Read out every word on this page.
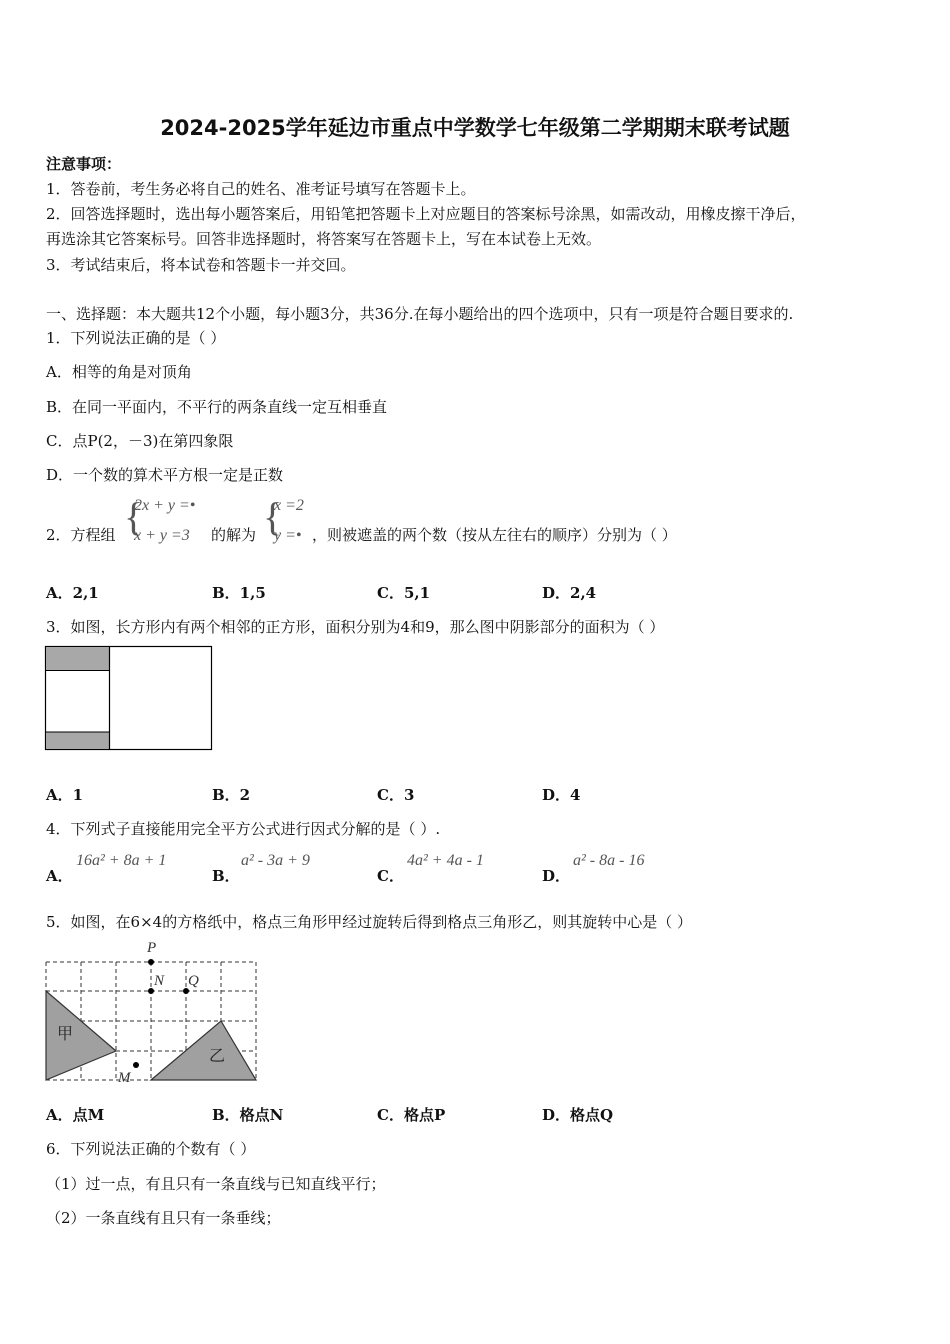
2024-2025学年延边市重点中学数学七年级第二学期期末联考试题
注意事项：
1．答卷前，考生务必将自己的姓名、准考证号填写在答题卡上。
2．回答选择题时，选出每小题答案后，用铅笔把答题卡上对应题目的答案标号涂黑，如需改动，用橡皮擦干净后，
再选涂其它答案标号。回答非选择题时，将答案写在答题卡上，写在本试卷上无效。
3．考试结束后，将本试卷和答题卡一并交回。
一、选择题：本大题共12个小题，每小题3分，共36分.在每小题给出的四个选项中，只有一项是符合题目要求的.
1．下列说法正确的是（ ）
A．相等的角是对顶角
B．在同一平面内，不平行的两条直线一定互相垂直
C．点P(2，－3)在第四象限
D．一个数的算术平方根一定是正数
2．方程组 {
2x + y =•
x + y =3 的解为 {
x =2
y =• ，则被遮盖的两个数（按从左往右的顺序）分别为（ ）
A．2,1	B．1,5	C．5,1	D．2,4
3．如图，长方形内有两个相邻的正方形，面积分别为4和9，那么图中阴影部分的面积为（ ）
A．1	B．2	C．3	D．4
4．下列式子直接能用完全平方公式进行因式分解的是（ ）.
A．
16a² + 8a + 1
B．
a² - 3a + 9
C．
4a² + 4a - 1
D．
a² - 8a - 16
5．如图，在6×4的方格纸中，格点三角形甲经过旋转后得到格点三角形乙，则其旋转中心是（ ）
P
N Q
M
甲
乙
A．点M	B．格点N	C．格点P	D．格点Q
6．下列说法正确的个数有（ ）
（1）过一点，有且只有一条直线与已知直线平行；
（2）一条直线有且只有一条垂线；
